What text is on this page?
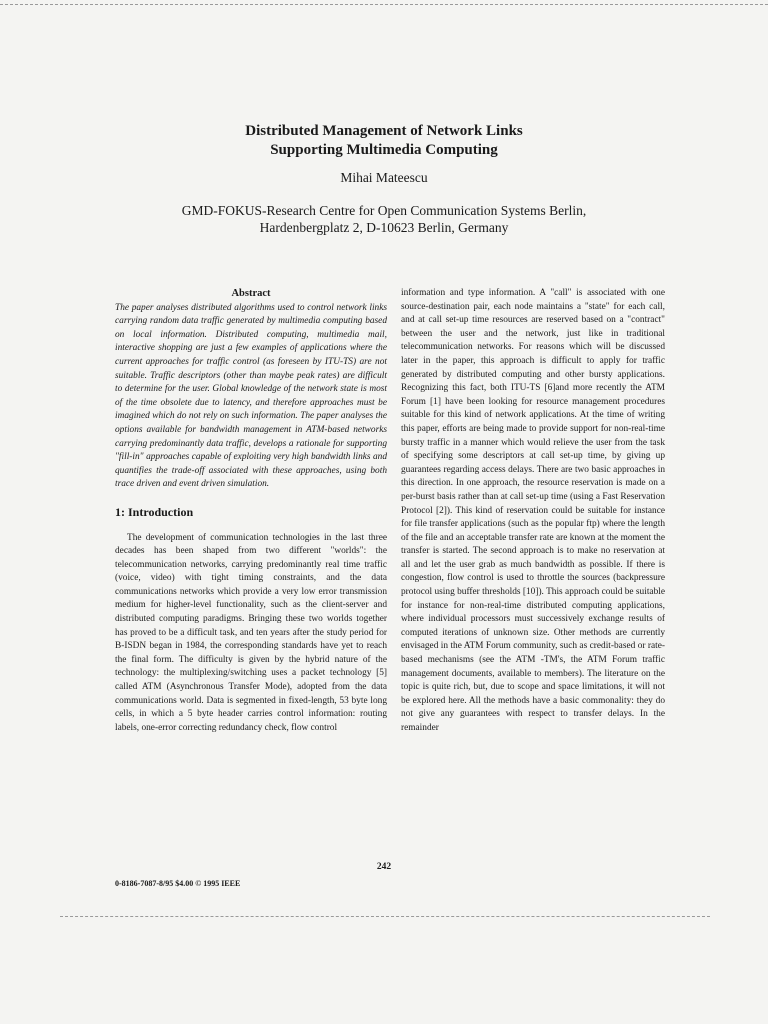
Distributed Management of Network Links
Supporting Multimedia Computing
Mihai Mateescu
GMD-FOKUS-Research Centre for Open Communication Systems Berlin,
Hardenbergplatz 2, D-10623 Berlin, Germany
Abstract

The paper analyses distributed algorithms used to control network links carrying random data traffic generated by multimedia computing based on local information. Distributed computing, multimedia mail, interactive shopping are just a few examples of applications where the current approaches for traffic control (as foreseen by ITU-TS) are not suitable. Traffic descriptors (other than maybe peak rates) are difficult to determine for the user. Global knowledge of the network state is most of the time obsolete due to latency, and therefore approaches must be imagined which do not rely on such information. The paper analyses the options available for bandwidth management in ATM-based networks carrying predominantly data traffic, develops a rationale for supporting "fill-in" approaches capable of exploiting very high bandwidth links and quantifies the trade-off associated with these approaches, using both trace driven and event driven simulation.

1: Introduction

The development of communication technologies in the last three decades has been shaped from two different "worlds": the telecommunication networks, carrying predominantly real time traffic (voice, video) with tight timing constraints, and the data communications networks which provide a very low error transmission medium for higher-level functionality, such as the client-server and distributed computing paradigms. Bringing these two worlds together has proved to be a difficult task, and ten years after the study period for B-ISDN began in 1984, the corresponding standards have yet to reach the final form. The difficulty is given by the hybrid nature of the technology: the multiplexing/switching uses a packet technology [5] called ATM (Asynchronous Transfer Mode), adopted from the data communications world. Data is segmented in fixed-length, 53 byte long cells, in which a 5 byte header carries control information: routing labels, one-error correcting redundancy check, flow control

information and type information. A "call" is associated with one source-destination pair, each node maintains a "state" for each call, and at call set-up time resources are reserved based on a "contract" between the user and the network, just like in traditional telecommunication networks. For reasons which will be discussed later in the paper, this approach is difficult to apply for traffic generated by distributed computing and other bursty applications. Recognizing this fact, both ITU-TS [6]and more recently the ATM Forum [1] have been looking for resource management procedures suitable for this kind of network applications. At the time of writing this paper, efforts are being made to provide support for non-real-time bursty traffic in a manner which would relieve the user from the task of specifying some descriptors at call set-up time, by giving up guarantees regarding access delays. There are two basic approaches in this direction. In one approach, the resource reservation is made on a per-burst basis rather than at call set-up time (using a Fast Reservation Protocol [2]). This kind of reservation could be suitable for instance for file transfer applications (such as the popular ftp) where the length of the file and an acceptable transfer rate are known at the moment the transfer is started. The second approach is to make no reservation at all and let the user grab as much bandwidth as possible. If there is congestion, flow control is used to throttle the sources (backpressure protocol using buffer thresholds [10]). This approach could be suitable for instance for non-real-time distributed computing applications, where individual processors must successively exchange results of computed iterations of unknown size. Other methods are currently envisaged in the ATM Forum community, such as credit-based or rate-based mechanisms (see the ATM -TM's, the ATM Forum traffic management documents, available to members). The literature on the topic is quite rich, but, due to scope and space limitations, it will not be explored here. All the methods have a basic commonality: they do not give any guarantees with respect to transfer delays. In the remainder

242
0-8186-7087-8/95 $4.00 © 1995 IEEE
